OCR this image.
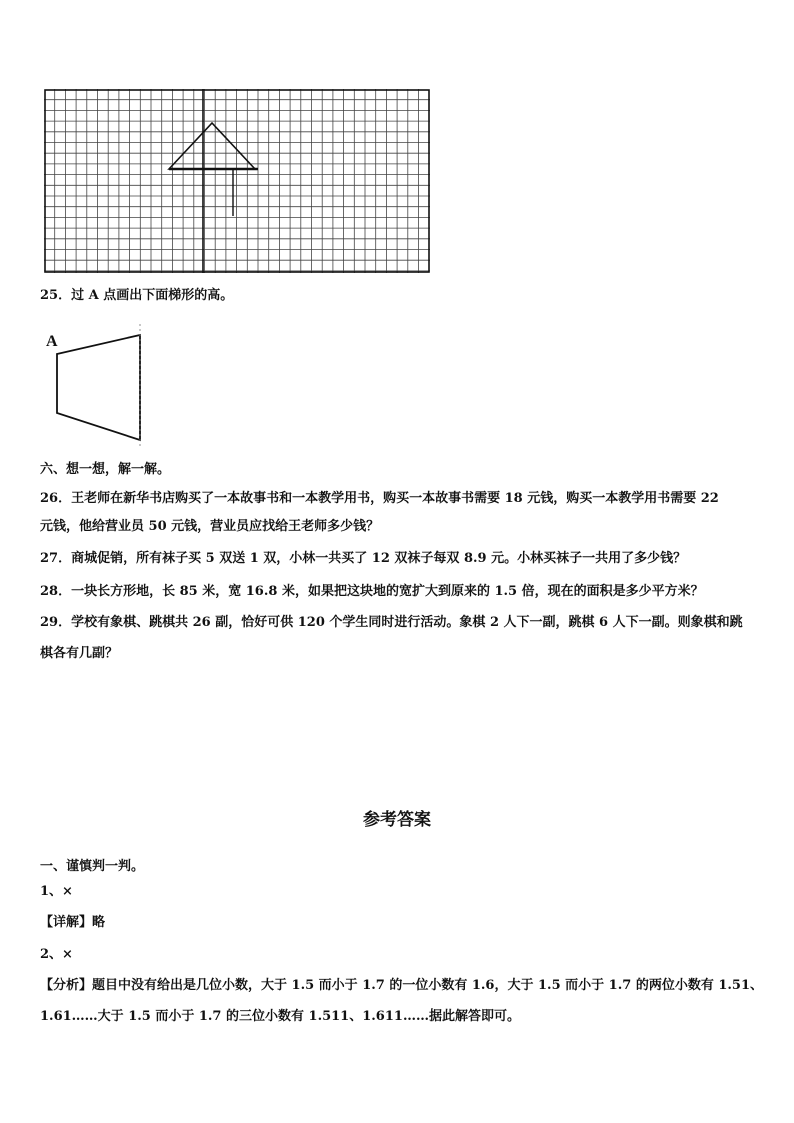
25．过 A 点画出下面梯形的高。
A
六、想一想，解一解。
26．王老师在新华书店购买了一本故事书和一本教学用书，购买一本故事书需要 18 元钱，购买一本教学用书需要 22
元钱，他给营业员 50 元钱，营业员应找给王老师多少钱？
27．商城促销，所有袜子买 5 双送 1 双，小林一共买了 12 双袜子每双 8.9 元。小林买袜子一共用了多少钱？
28．一块长方形地，长 85 米，宽 16.8 米，如果把这块地的宽扩大到原来的 1.5 倍，现在的面积是多少平方米？
29．学校有象棋、跳棋共 26 副，恰好可供 120 个学生同时进行活动。象棋 2 人下一副，跳棋 6 人下一副。则象棋和跳
棋各有几副？
参考答案
一、谨慎判一判。
1、×
【详解】略
2、×
【分析】题目中没有给出是几位小数，大于 1.5 而小于 1.7 的一位小数有 1.6，大于 1.5 而小于 1.7 的两位小数有 1.51、
1.61……大于 1.5 而小于 1.7 的三位小数有 1.511、1.611……据此解答即可。
